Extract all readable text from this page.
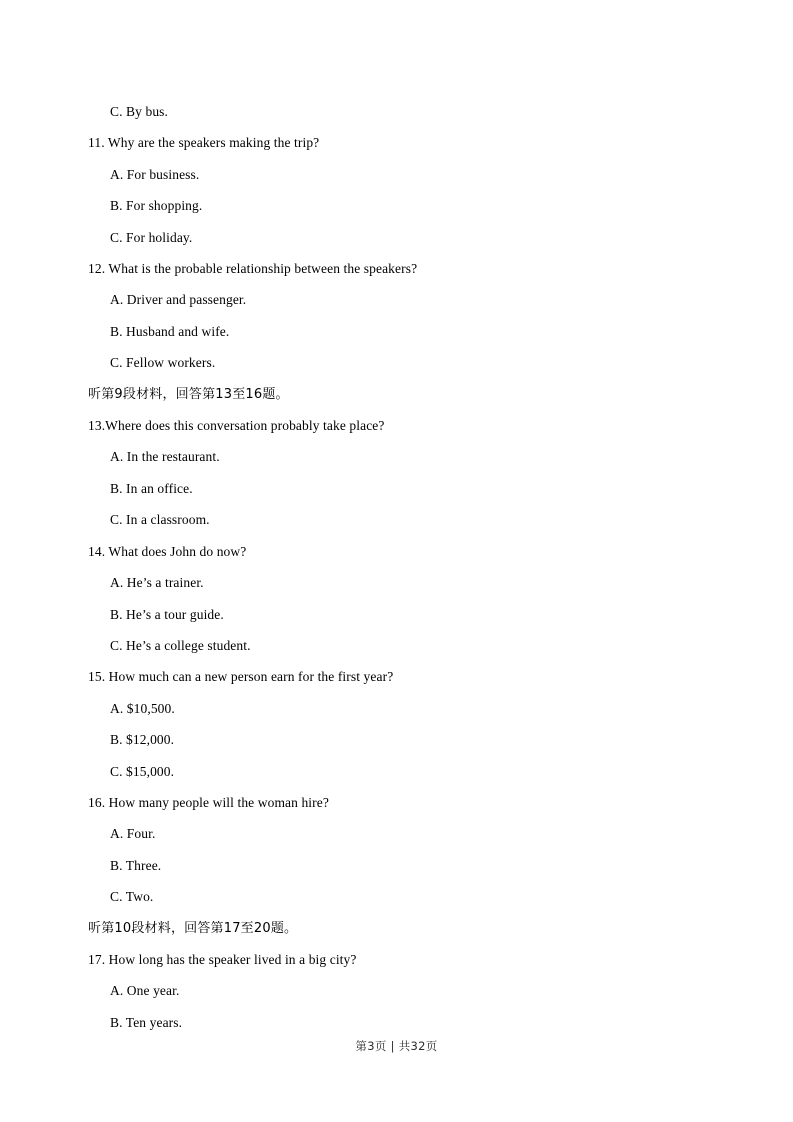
C. By bus.
11. Why are the speakers making the trip?
A. For business.
B. For shopping.
C. For holiday.
12. What is the probable relationship between the speakers?
A. Driver and passenger.
B. Husband and wife.
C. Fellow workers.
听第9段材料，回答第13至16题。
13.Where does this conversation probably take place?
A. In the restaurant.
B. In an office.
C. In a classroom.
14. What does John do now?
A. He’s a trainer.
B. He’s a tour guide.
C. He’s a college student.
15. How much can a new person earn for the first year?
A. $10,500.
B. $12,000.
C. $15,000.
16. How many people will the woman hire?
A. Four.
B. Three.
C. Two.
听第10段材料，回答第17至20题。
17. How long has the speaker lived in a big city?
A. One year.
B. Ten years.
第3页 | 共32页
